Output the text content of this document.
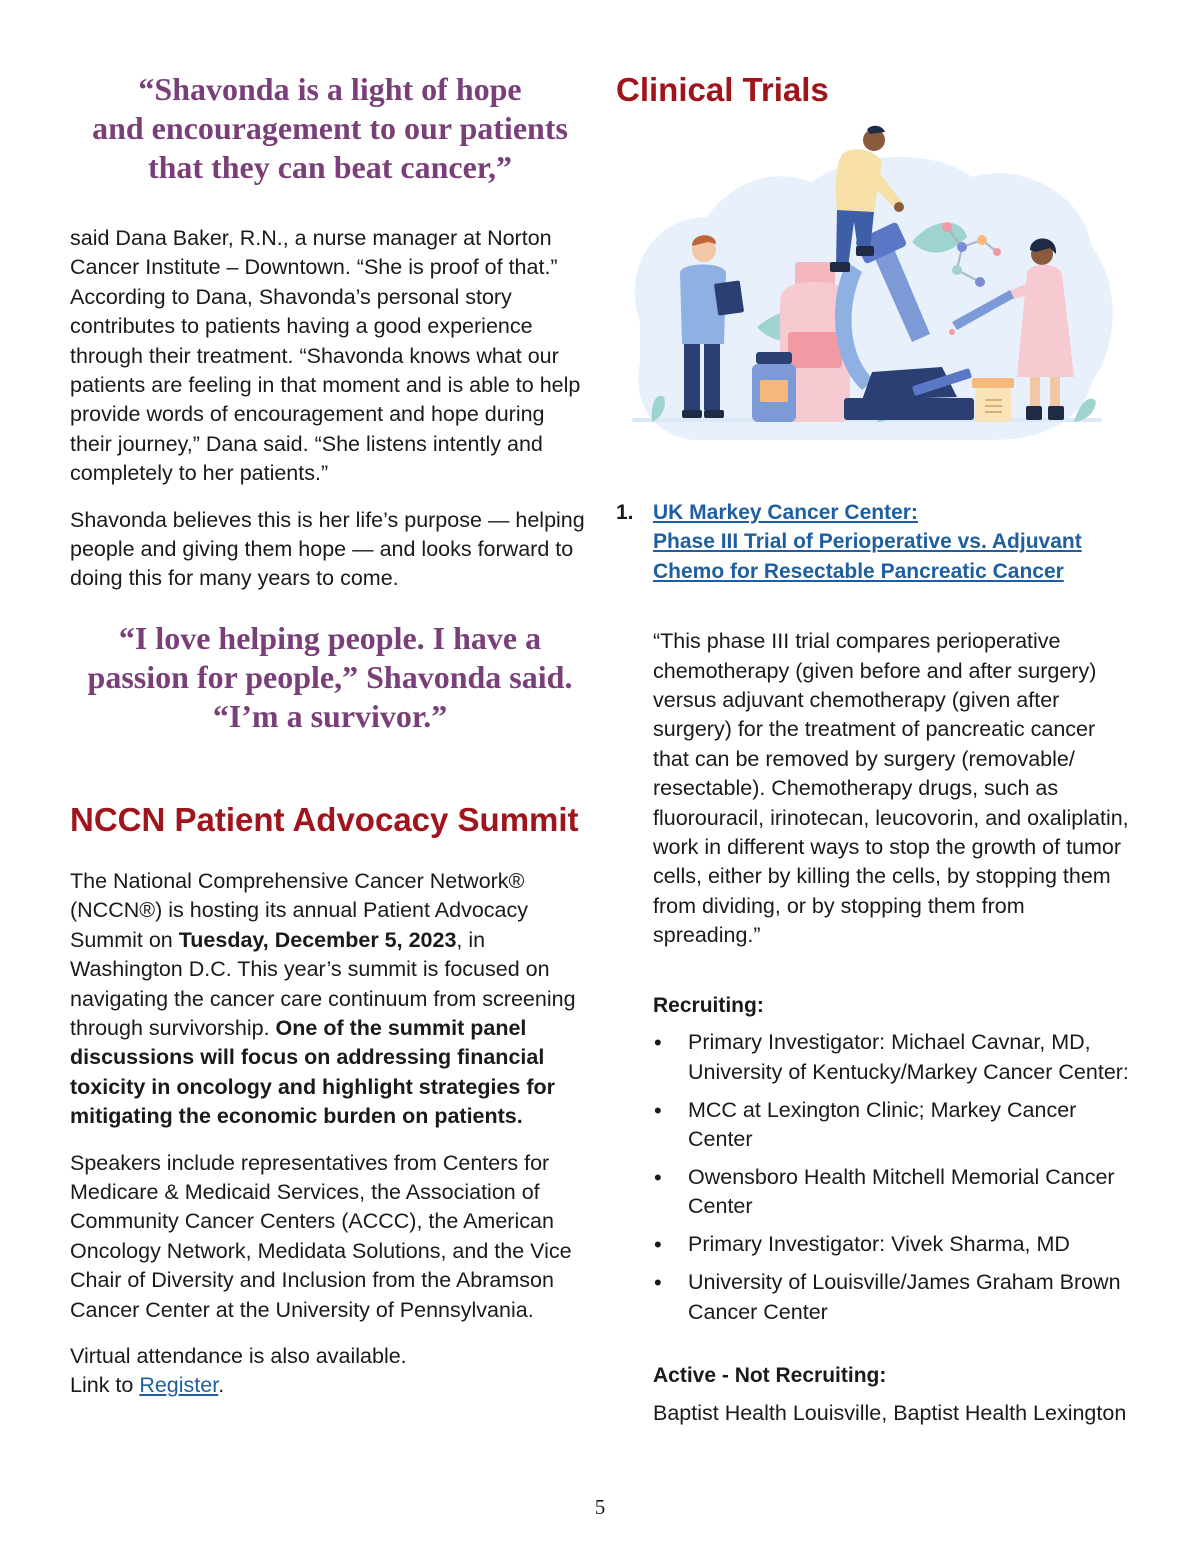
“Shavonda is a light of hope
and encouragement to our patients
that they can beat cancer,”

said Dana Baker, R.N., a nurse manager at Norton Cancer Institute – Downtown. “She is proof of that.” According to Dana, Shavonda’s personal story contributes to patients having a good experience through their treatment. “Shavonda knows what our patients are feeling in that moment and is able to help provide words of encouragement and hope during their journey,” Dana said. “She listens intently and completely to her patients.”

Shavonda believes this is her life’s purpose — helping people and giving them hope — and looks forward to doing this for many years to come.

“I love helping people. I have a
passion for people,” Shavonda said.
“I’m a survivor.”
NCCN Patient Advocacy Summit

The National Comprehensive Cancer Network® (NCCN®) is hosting its annual Patient Advocacy Summit on Tuesday, December 5, 2023, in Washington D.C. This year’s summit is focused on navigating the cancer care continuum from screening through survivorship. One of the summit panel discussions will focus on addressing financial toxicity in oncology and highlight strategies for mitigating the economic burden on patients.

Speakers include representatives from Centers for Medicare & Medicaid Services, the Association of Community Cancer Centers (ACCC), the American Oncology Network, Medidata Solutions, and the Vice Chair of Diversity and Inclusion from the Abramson Cancer Center at the University of Pennsylvania.

Virtual attendance is also available.
Link to Register.

Clinical Trials
1. UK Markey Cancer Center:
Phase III Trial of Perioperative vs. Adjuvant
Chemo for Resectable Pancreatic Cancer

“This phase III trial compares perioperative chemotherapy (given before and after surgery) versus adjuvant chemotherapy (given after surgery) for the treatment of pancreatic cancer that can be removed by surgery (removable/ resectable). Chemotherapy drugs, such as fluorouracil, irinotecan, leucovorin, and oxaliplatin, work in different ways to stop the growth of tumor cells, either by killing the cells, by stopping them from dividing, or by stopping them from spreading.”

Recruiting:

• Primary Investigator: Michael Cavnar, MD, University of Kentucky/Markey Cancer Center:
• MCC at Lexington Clinic; Markey Cancer Center
• Owensboro Health Mitchell Memorial Cancer Center
• Primary Investigator: Vivek Sharma, MD
• University of Louisville/James Graham Brown Cancer Center

Active - Not Recruiting:

Baptist Health Louisville, Baptist Health Lexington

5
